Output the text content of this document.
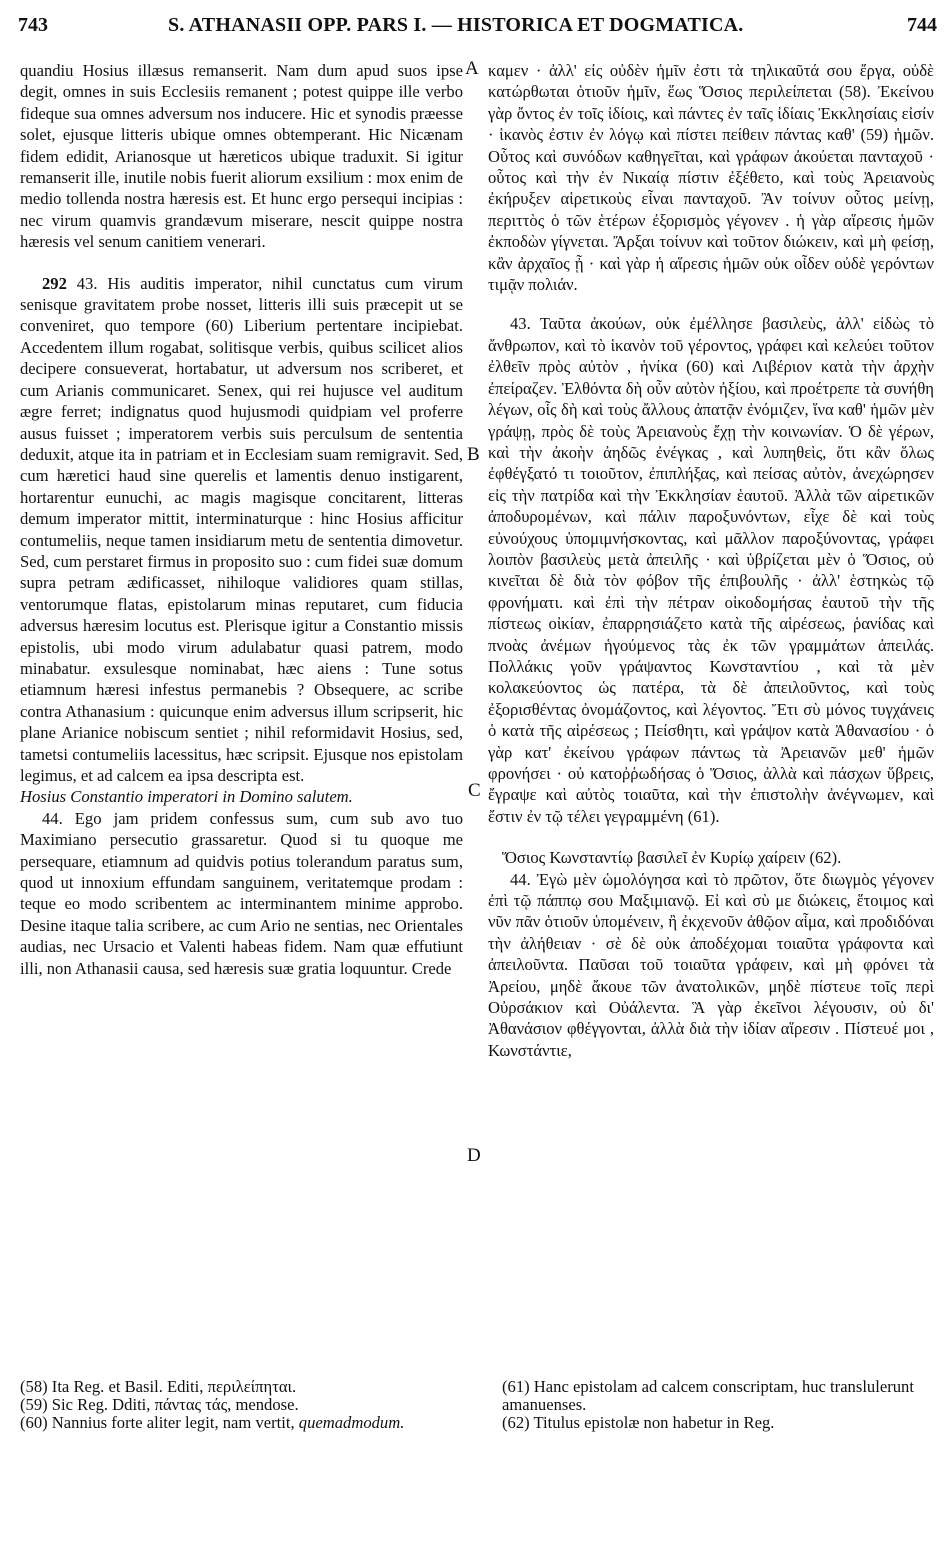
743	S. ATHANASII OPP. PARS I. — HISTORICA ET DOGMATICA.	744
A
B
C
D

quandiu Hosius illæsus remanserit. Nam dum apud suos ipse degit, omnes in suis Ecclesiis remanent ; potest quippe ille verbo fideque sua omnes adversum nos inducere. Hic et synodis præesse solet, ejusque litteris ubique omnes obtemperant. Hic Nicænam fidem edidit, Arianosque ut hæreticos ubique traduxit. Si igitur remanserit ille, inutile nobis fuerit aliorum exsilium : mox enim de medio tollenda nostra hæresis est. Et hunc ergo persequi incipias : nec virum quamvis grandævum miserare, nescit quippe nostra hæresis vel senum canitiem venerari.

292 43. His auditis imperator, nihil cunctatus cum virum senisque gravitatem probe nosset, litteris illi suis præcepit ut se conveniret, quo tempore (60) Liberium pertentare incipiebat. Accedentem illum rogabat, solitisque verbis, quibus scilicet alios decipere consueverat, hortabatur, ut adversum nos scriberet, et cum Arianis communicaret. Senex, qui rei hujusce vel auditum ægre ferret; indignatus quod hujusmodi quidpiam vel proferre ausus fuisset ; imperatorem verbis suis perculsum de sententia deduxit, atque ita in patriam et in Ecclesiam suam remigravit. Sed, cum hæretici haud sine querelis et lamentis denuo instigarent, hortarentur eunuchi, ac magis magisque concitarent, litteras demum imperator mittit, interminaturque : hinc Hosius afficitur contumeliis, neque tamen insidiarum metu de sententia dimovetur. Sed, cum perstaret firmus in proposito suo : cum fidei suæ domum supra petram ædificasset, nihiloque validiores quam stillas, ventorumque flatas, epistolarum minas reputaret, cum fiducia adversus hæresim locutus est. Plerisque igitur a Constantio missis epistolis, ubi modo virum adulabatur quasi patrem, modo minabatur. exsulesque nominabat, hæc aiens : Tune sotus etiamnum hæresi infestus permanebis ? Obsequere, ac scribe contra Athanasium : quicunque enim adversus illum scripserit, hic plane Arianice nobiscum sentiet ; nihil reformidavit Hosius, sed, tametsi contumeliis lacessitus, hæc scripsit. Ejusque nos epistolam legimus, et ad calcem ea ipsa descripta est.

Hosius Constantio imperatori in Domino salutem.

44. Ego jam pridem confessus sum, cum sub avo tuo Maximiano persecutio grassaretur. Quod si tu quoque me persequare, etiamnum ad quidvis potius tolerandum paratus sum, quod ut innoxium effundam sanguinem, veritatemque prodam : teque eo modo scribentem ac interminantem minime approbo. Desine itaque talia scribere, ac cum Ario ne sentias, nec Orientales audias, nec Ursacio et Valenti habeas fidem. Nam quæ effutiunt illi, non Athanasii causa, sed hæresis suæ gratia loquuntur. Crede

καμεν · ἀλλ' εἰς οὐδὲν ἡμῖν ἐστι τὰ τηλικαῦτά σου ἔργα, οὐδὲ κατώρθωται ὁτιοῦν ἡμῖν, ἕως Ὅσιος περιλείπεται (58). Ἐκείνου γὰρ ὄντος ἐν τοῖς ἰδίοις, καὶ πάντες ἐν ταῖς ἰδίαις Ἐκκλησίαις εἰσίν · ἱκανὸς ἐστιν ἐν λόγῳ καὶ πίστει πείθειν πάντας καθ' (59) ἡμῶν. Οὗτος καὶ συνόδων καθηγεῖται, καὶ γράφων ἀκούεται πανταχοῦ · οὗτος καὶ τὴν ἐν Νικαίᾳ πίστιν ἐξέθετο, καὶ τοὺς Ἀρειανοὺς ἐκήρυξεν αἱρετικοὺς εἶναι πανταχοῦ. Ἂν τοίνυν οὗτος μείνῃ, περιττὸς ὁ τῶν ἑτέρων ἐξορισμὸς γέγονεν . ἡ γὰρ αἵρεσις ἡμῶν ἐκποδὼν γίγνεται. Ἄρξαι τοίνυν καὶ τοῦτον διώκειν, καὶ μὴ φείσῃ, κἂν ἀρχαῖος ᾖ · καὶ γὰρ ἡ αἵρεσις ἡμῶν οὐκ οἶδεν οὐδὲ γερόντων τιμᾷν πολιάν.

43. Ταῦτα ἀκούων, οὐκ ἐμέλλησε βασιλεὺς, ἀλλ' εἰδὼς τὸ ἄνθρωπον, καὶ τὸ ἱκανὸν τοῦ γέροντος, γράφει καὶ κελεύει τοῦτον ἐλθεῖν πρὸς αὐτὸν , ἡνίκα (60) καὶ Λιβέριον κατὰ τὴν ἀρχὴν ἐπείραζεν. Ἐλθόντα δὴ οὖν αὐτὸν ἠξίου, καὶ προέτρεπε τὰ συνήθη λέγων, οἷς δὴ καὶ τοὺς ἄλλους ἀπατᾷν ἐνόμιζεν, ἵνα καθ' ἡμῶν μὲν γράψῃ, πρὸς δὲ τοὺς Ἀρειανοὺς ἔχῃ τὴν κοινωνίαν. Ὁ δὲ γέρων, καὶ τὴν ἀκοὴν ἀηδῶς ἐνέγκας , καὶ λυπηθεὶς, ὅτι κἂν ὅλως ἐφθέγξατό τι τοιοῦτον, ἐπιπλήξας, καὶ πείσας αὐτὸν, ἀνεχώρησεν εἰς τὴν πατρίδα καὶ τὴν Ἐκκλησίαν ἑαυτοῦ. Ἀλλὰ τῶν αἱρετικῶν ἀποδυρομένων, καὶ πάλιν παροξυνόντων, εἶχε δὲ καὶ τοὺς εὐνούχους ὑπομιμνήσκοντας, καὶ μᾶλλον παροξύνοντας, γράφει λοιπὸν βασιλεὺς μετὰ ἀπειλῆς · καὶ ὑβρίζεται μὲν ὁ Ὅσιος, οὐ κινεῖται δὲ διὰ τὸν φόβον τῆς ἐπιβουλῆς · ἀλλ' ἑστηκὼς τῷ φρονήματι. καὶ ἐπὶ τὴν πέτραν οἰκοδομήσας ἑαυτοῦ τὴν τῆς πίστεως οἰκίαν, ἐπαρρησιάζετο κατὰ τῆς αἱρέσεως, ῥανίδας καὶ πνοὰς ἀνέμων ἡγούμενος τὰς ἐκ τῶν γραμμάτων ἀπειλάς. Πολλάκις γοῦν γράψαντος Κωνσταντίου , καὶ τὰ μὲν κολακεύοντος ὡς πατέρα, τὰ δὲ ἀπειλοῦντος, καὶ τοὺς ἐξορισθέντας ὀνομάζοντος, καὶ λέγοντος. Ἔτι σὺ μόνος τυγχάνεις ὁ κατὰ τῆς αἱρέσεως ; Πείσθητι, καὶ γράψον κατὰ Ἀθανασίου · ὁ γὰρ κατ' ἐκείνου γράφων πάντως τὰ Ἀρειανῶν μεθ' ἡμῶν φρονήσει · οὐ κατοῤῥωδήσας ὁ Ὅσιος, ἀλλὰ καὶ πάσχων ὕβρεις, ἔγραψε καὶ αὐτὸς τοιαῦτα, καὶ τὴν ἐπιστολὴν ἀνέγνωμεν, καὶ ἔστιν ἐν τῷ τέλει γεγραμμένη (61).

Ὅσιος Κωνσταντίῳ βασιλεῖ ἐν Κυρίῳ χαίρειν (62).

44. Ἐγὼ μὲν ὡμολόγησα καὶ τὸ πρῶτον, ὅτε διωγμὸς γέγονεν ἐπὶ τῷ πάππῳ σου Μαξιμιανῷ. Εἰ καὶ σὺ με διώκεις, ἕτοιμος καὶ νῦν πᾶν ὁτιοῦν ὑπομένειν, ἢ ἐκχενοῦν ἀθῷον αἷμα, καὶ προδιδόναι τὴν ἀλήθειαν · σὲ δὲ οὐκ ἀποδέχομαι τοιαῦτα γράφοντα καὶ ἀπειλοῦντα. Παῦσαι τοῦ τοιαῦτα γράφειν, καὶ μὴ φρόνει τὰ Ἀρείου, μηδὲ ἄκουε τῶν ἀνατολικῶν, μηδὲ πίστευε τοῖς περὶ Οὐρσάκιον καὶ Οὐάλεντα. Ἃ γὰρ ἐκεῖνοι λέγουσιν, οὐ δι' Ἀθανάσιον φθέγγονται, ἀλλὰ διὰ τὴν ἰδίαν αἵρεσιν . Πίστευέ μοι , Κωνστάντιε,

(58) Ita Reg. et Basil. Editi, περιλείπηται.

(59) Sic Reg. Dditi, πάντας τάς, mendose.

(60) Nannius forte aliter legit, nam vertit, quemadmodum.

(61) Hanc epistolam ad calcem conscriptam, huc translulerunt amanuenses.

(62) Titulus epistolæ non habetur in Reg.
